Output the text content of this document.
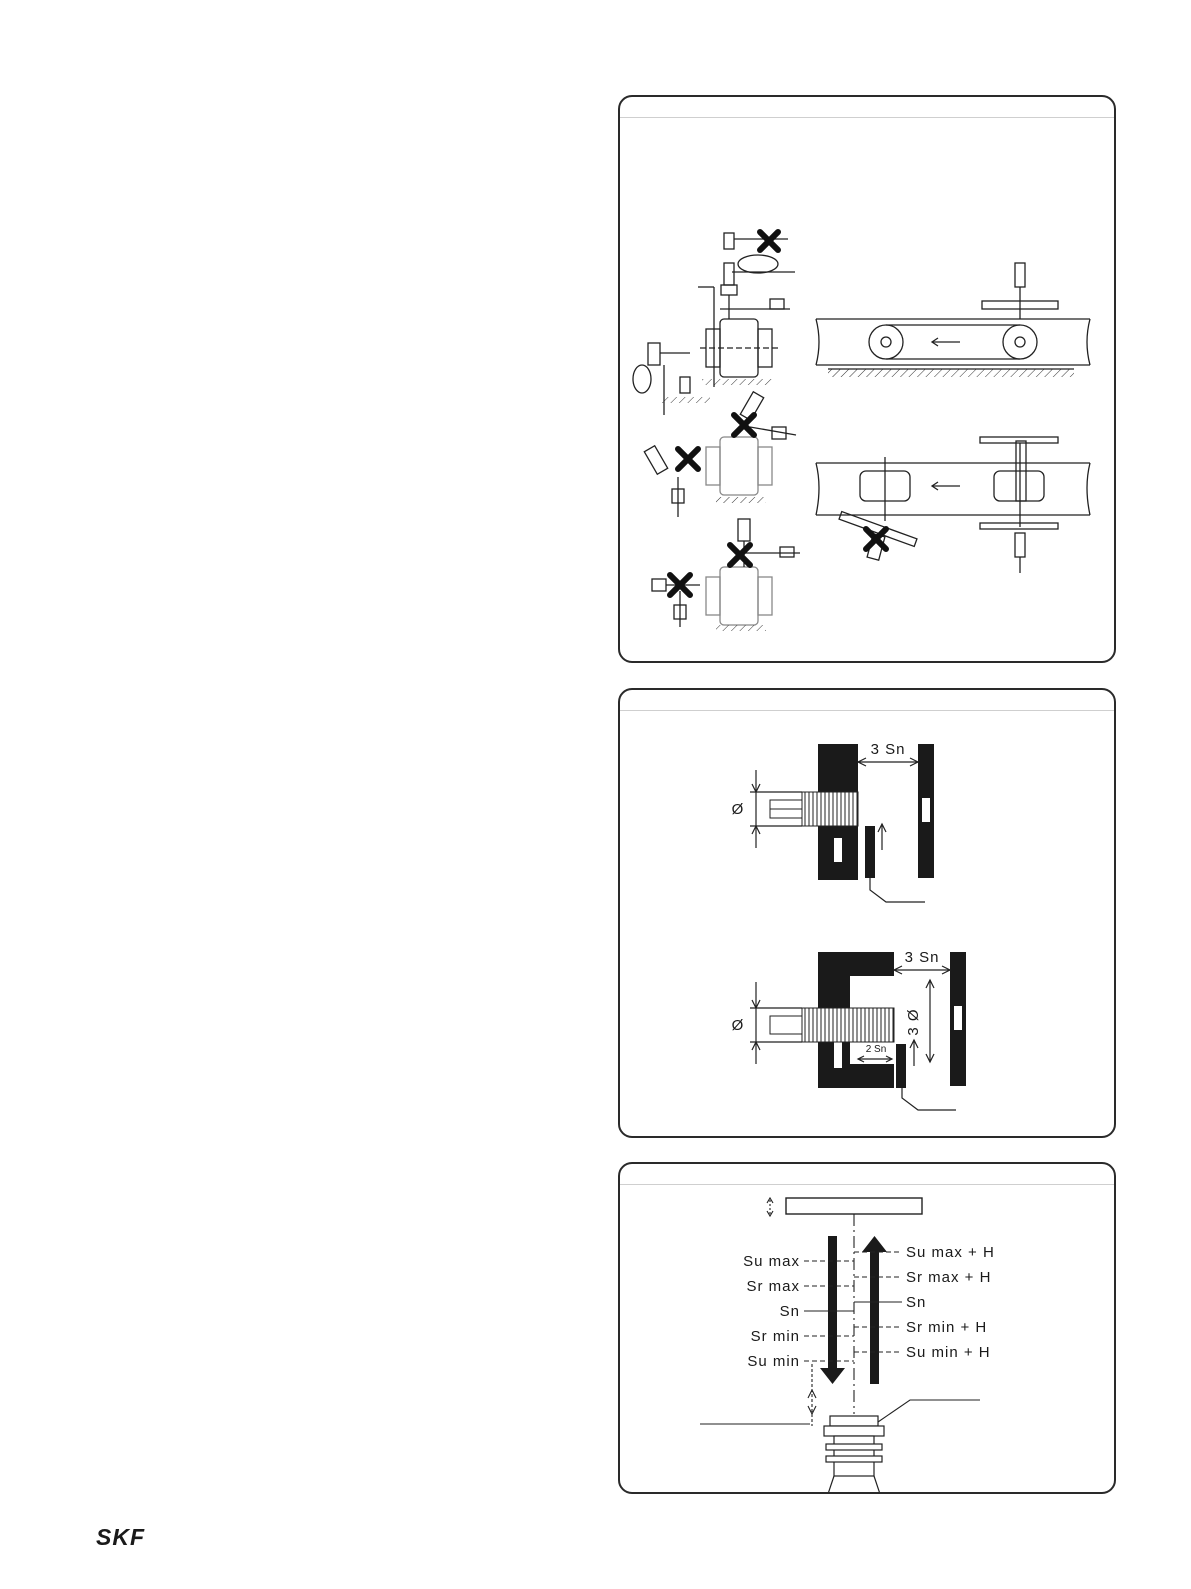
3 Sn
Ø
3 Sn
Ø	3 Ø
2 Sn
Su max
Sr max
Sn
Sr min
Su min
Su max + H
Sr max + H
Sn
Sr min + H
Su min + H

SKF
